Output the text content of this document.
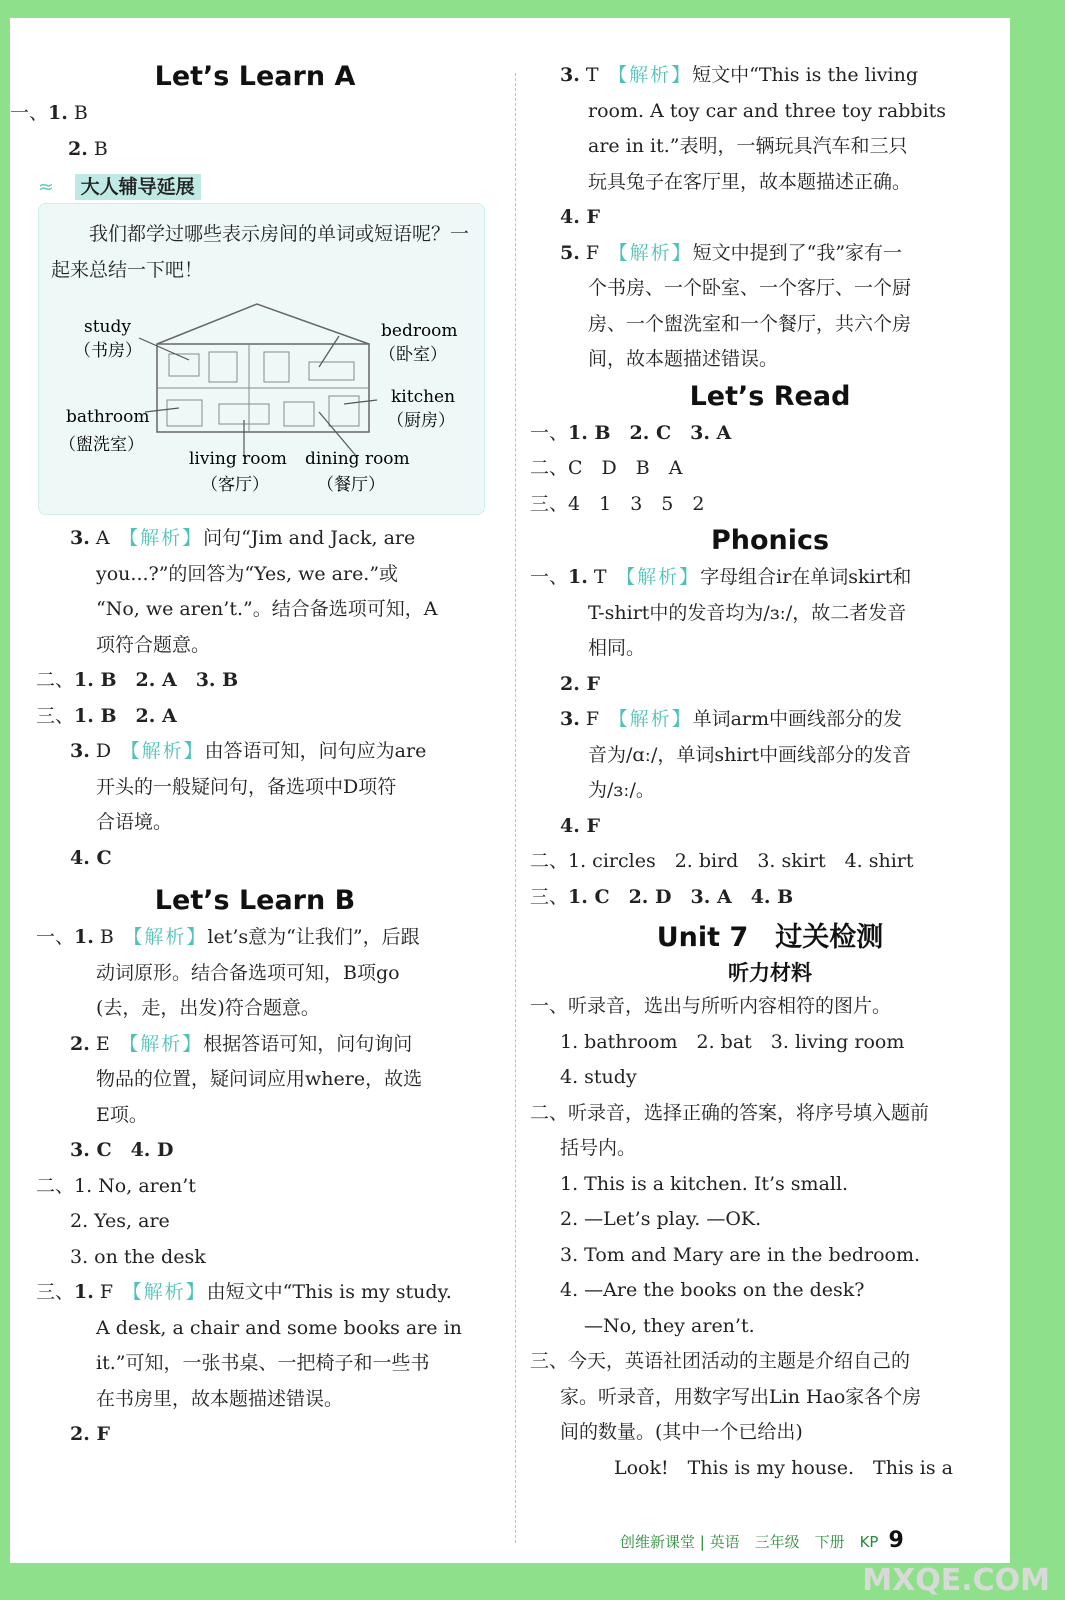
Let’s Learn A
一、1. B
2. B
≈ 大人辅导延展
我们都学过哪些表示房间的单词或短语呢？一起来总结一下吧！
study
（书房）
bedroom
（卧室）
kitchen
（厨房）
bathroom
（盥洗室）
living room
（客厅）
dining room
（餐厅）
3. A　 【解析】问句“Jim and Jack, are
you...?”的回答为“Yes, we are.”或
“No, we aren’t.”。结合备选项可知，A
项符合题意。
二、1. B　2. A　3. B
三、1. B　2. A
3. D　 【解析】由答语可知，问句应为are
开头的一般疑问句，备选项中D项符
合语境。
4. C
Let’s Learn B
一、1. B　 【解析】let’s意为“让我们”，后跟
动词原形。结合备选项可知，B项go
(去，走，出发)符合题意。
2. E　 【解析】根据答语可知，问句询问
物品的位置，疑问词应用where，故选
E项。
3. C　4. D
二、1. No, aren’t
2. Yes, are
3. on the desk
三、1. F　 【解析】由短文中“This is my study.
A desk, a chair and some books are in
it.”可知，一张书桌、一把椅子和一些书
在书房里，故本题描述错误。
2. F
3. T　 【解析】短文中“This is the living
room. A toy car and three toy rabbits
are in it.”表明，一辆玩具汽车和三只
玩具兔子在客厅里，故本题描述正确。
4. F
5. F　 【解析】短文中提到了“我”家有一
个书房、一个卧室、一个客厅、一个厨
房、一个盥洗室和一个餐厅，共六个房
间，故本题描述错误。
Let’s Read
一、1. B　2. C　3. A
二、C　D　B　A
三、4　1　3　5　2
Phonics
一、1. T　 【解析】字母组合ir在单词skirt和
T-shirt中的发音均为/ɜː/，故二者发音
相同。
2. F
3. F　 【解析】单词arm中画线部分的发
音为/ɑː/，单词shirt中画线部分的发音
为/ɜː/。
4. F
二、1. circles　2. bird　3. skirt　4. shirt
三、1. C　2. D　3. A　4. B
Unit 7　过关检测
听力材料
一、听录音，选出与所听内容相符的图片。
1. bathroom　2. bat　3. living room
4. study
二、听录音，选择正确的答案，将序号填入题前
括号内。
1. This is a kitchen. It’s small.
2. —Let’s play. —OK.
3. Tom and Mary are in the bedroom.
4. —Are the books on the desk?
—No, they aren’t.
三、今天，英语社团活动的主题是介绍自己的
家。听录音，用数字写出Lin Hao家各个房
间的数量。(其中一个已给出)
Look!　This is my house.　This is a
创维新课堂 | 英语　三年级　下册　KP 9
MXQE.COM
